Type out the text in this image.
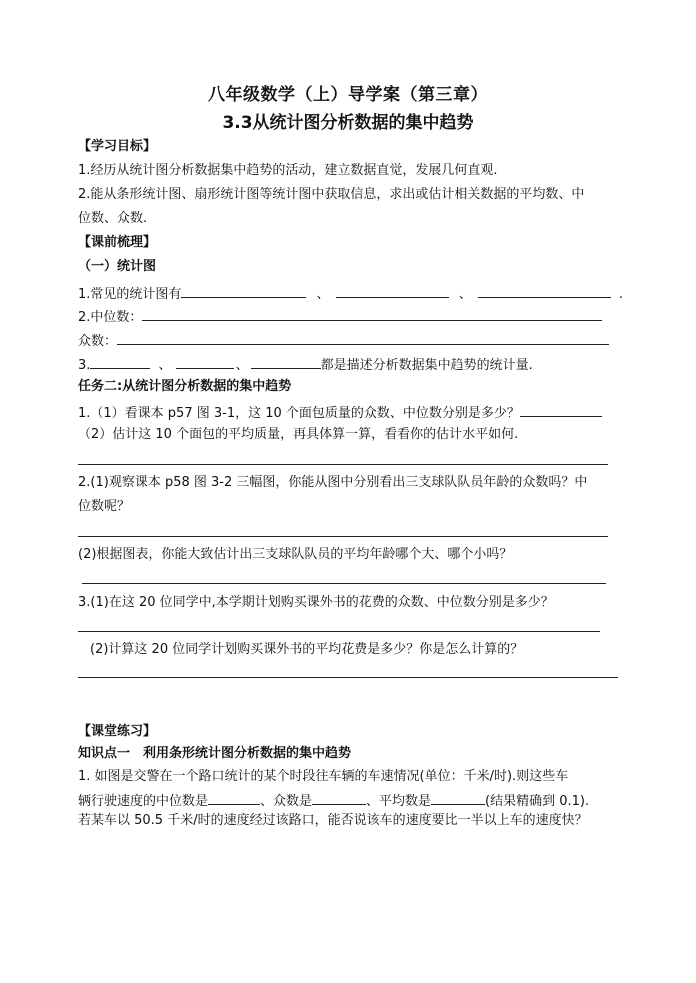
八年级数学（上）导学案（第三章）
3.3从统计图分析数据的集中趋势
【学习目标】
1.经历从统计图分析数据集中趋势的活动，建立数据直觉，发展几何直观.
2.能从条形统计图、扇形统计图等统计图中获取信息，求出或估计相关数据的平均数、中
位数、众数.
【课前梳理】
（一）统计图
1.常见的统计图有	、	、	.
2.中位数：
众数：
3.	、	、	都是描述分析数据集中趋势的统计量.
任务二:从统计图分析数据的集中趋势
1.（1）看课本 p57 图 3-1，这 10 个面包质量的众数、中位数分别是多少？
（2）估计这 10 个面包的平均质量，再具体算一算，看看你的估计水平如何.
2.(1)观察课本 p58 图 3-2 三幅图，你能从图中分别看出三支球队队员年龄的众数吗？中
位数呢？
(2)根据图表，你能大致估计出三支球队队员的平均年龄哪个大、哪个小吗？
3.(1)在这 20 位同学中,本学期计划购买课外书的花费的众数、中位数分别是多少？
(2)计算这 20 位同学计划购买课外书的平均花费是多少？你是怎么计算的？
【课堂练习】
知识点一　利用条形统计图分析数据的集中趋势
1. 如图是交警在一个路口统计的某个时段往车辆的车速情况(单位：千米/时).则这些车
辆行驶速度的中位数是	、众数是	、平均数是	(结果精确到 0.1).
若某车以 50.5 千米/时的速度经过该路口，能否说该车的速度要比一半以上车的速度快？
